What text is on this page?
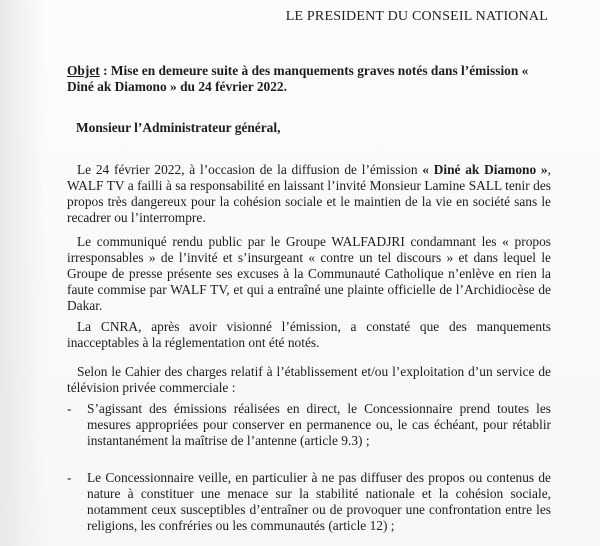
LE PRESIDENT DU CONSEIL NATIONAL
Objet : Mise en demeure suite à des manquements graves notés dans l’émission « Diné ak Diamono » du 24 février 2022.
Monsieur l’Administrateur général,

Le 24 février 2022, à l’occasion de la diffusion de l’émission « Diné ak Diamono », WALF TV a failli à sa responsabilité en laissant l’invité Monsieur Lamine SALL tenir des propos très dangereux pour la cohésion sociale et le maintien de la vie en société sans le recadrer ou l’interrompre.

Le communiqué rendu public par le Groupe WALFADJRI condamnant les « propos irresponsables » de l’invité et s’insurgeant « contre un tel discours » et dans lequel le Groupe de presse présente ses excuses à la Communauté Catholique n’enlève en rien la faute commise par WALF TV, et qui a entraîné une plainte officielle de l’Archidiocèse de Dakar.

La CNRA, après avoir visionné l’émission, a constaté que des manquements inacceptables à la réglementation ont été notés.

Selon le Cahier des charges relatif à l’établissement et/ou l’exploitation d’un service de télévision privée commerciale :

- S’agissant des émissions réalisées en direct, le Concessionnaire prend toutes les mesures appropriées pour conserver en permanence ou, le cas échéant, pour rétablir instantanément la maîtrise de l’antenne (article 9.3) ;
- Le Concessionnaire veille, en particulier à ne pas diffuser des propos ou contenus de nature à constituer une menace sur la stabilité nationale et la cohésion sociale, notamment ceux susceptibles d’entraîner ou de provoquer une confrontation entre les religions, les confréries ou les communautés (article 12) ;
